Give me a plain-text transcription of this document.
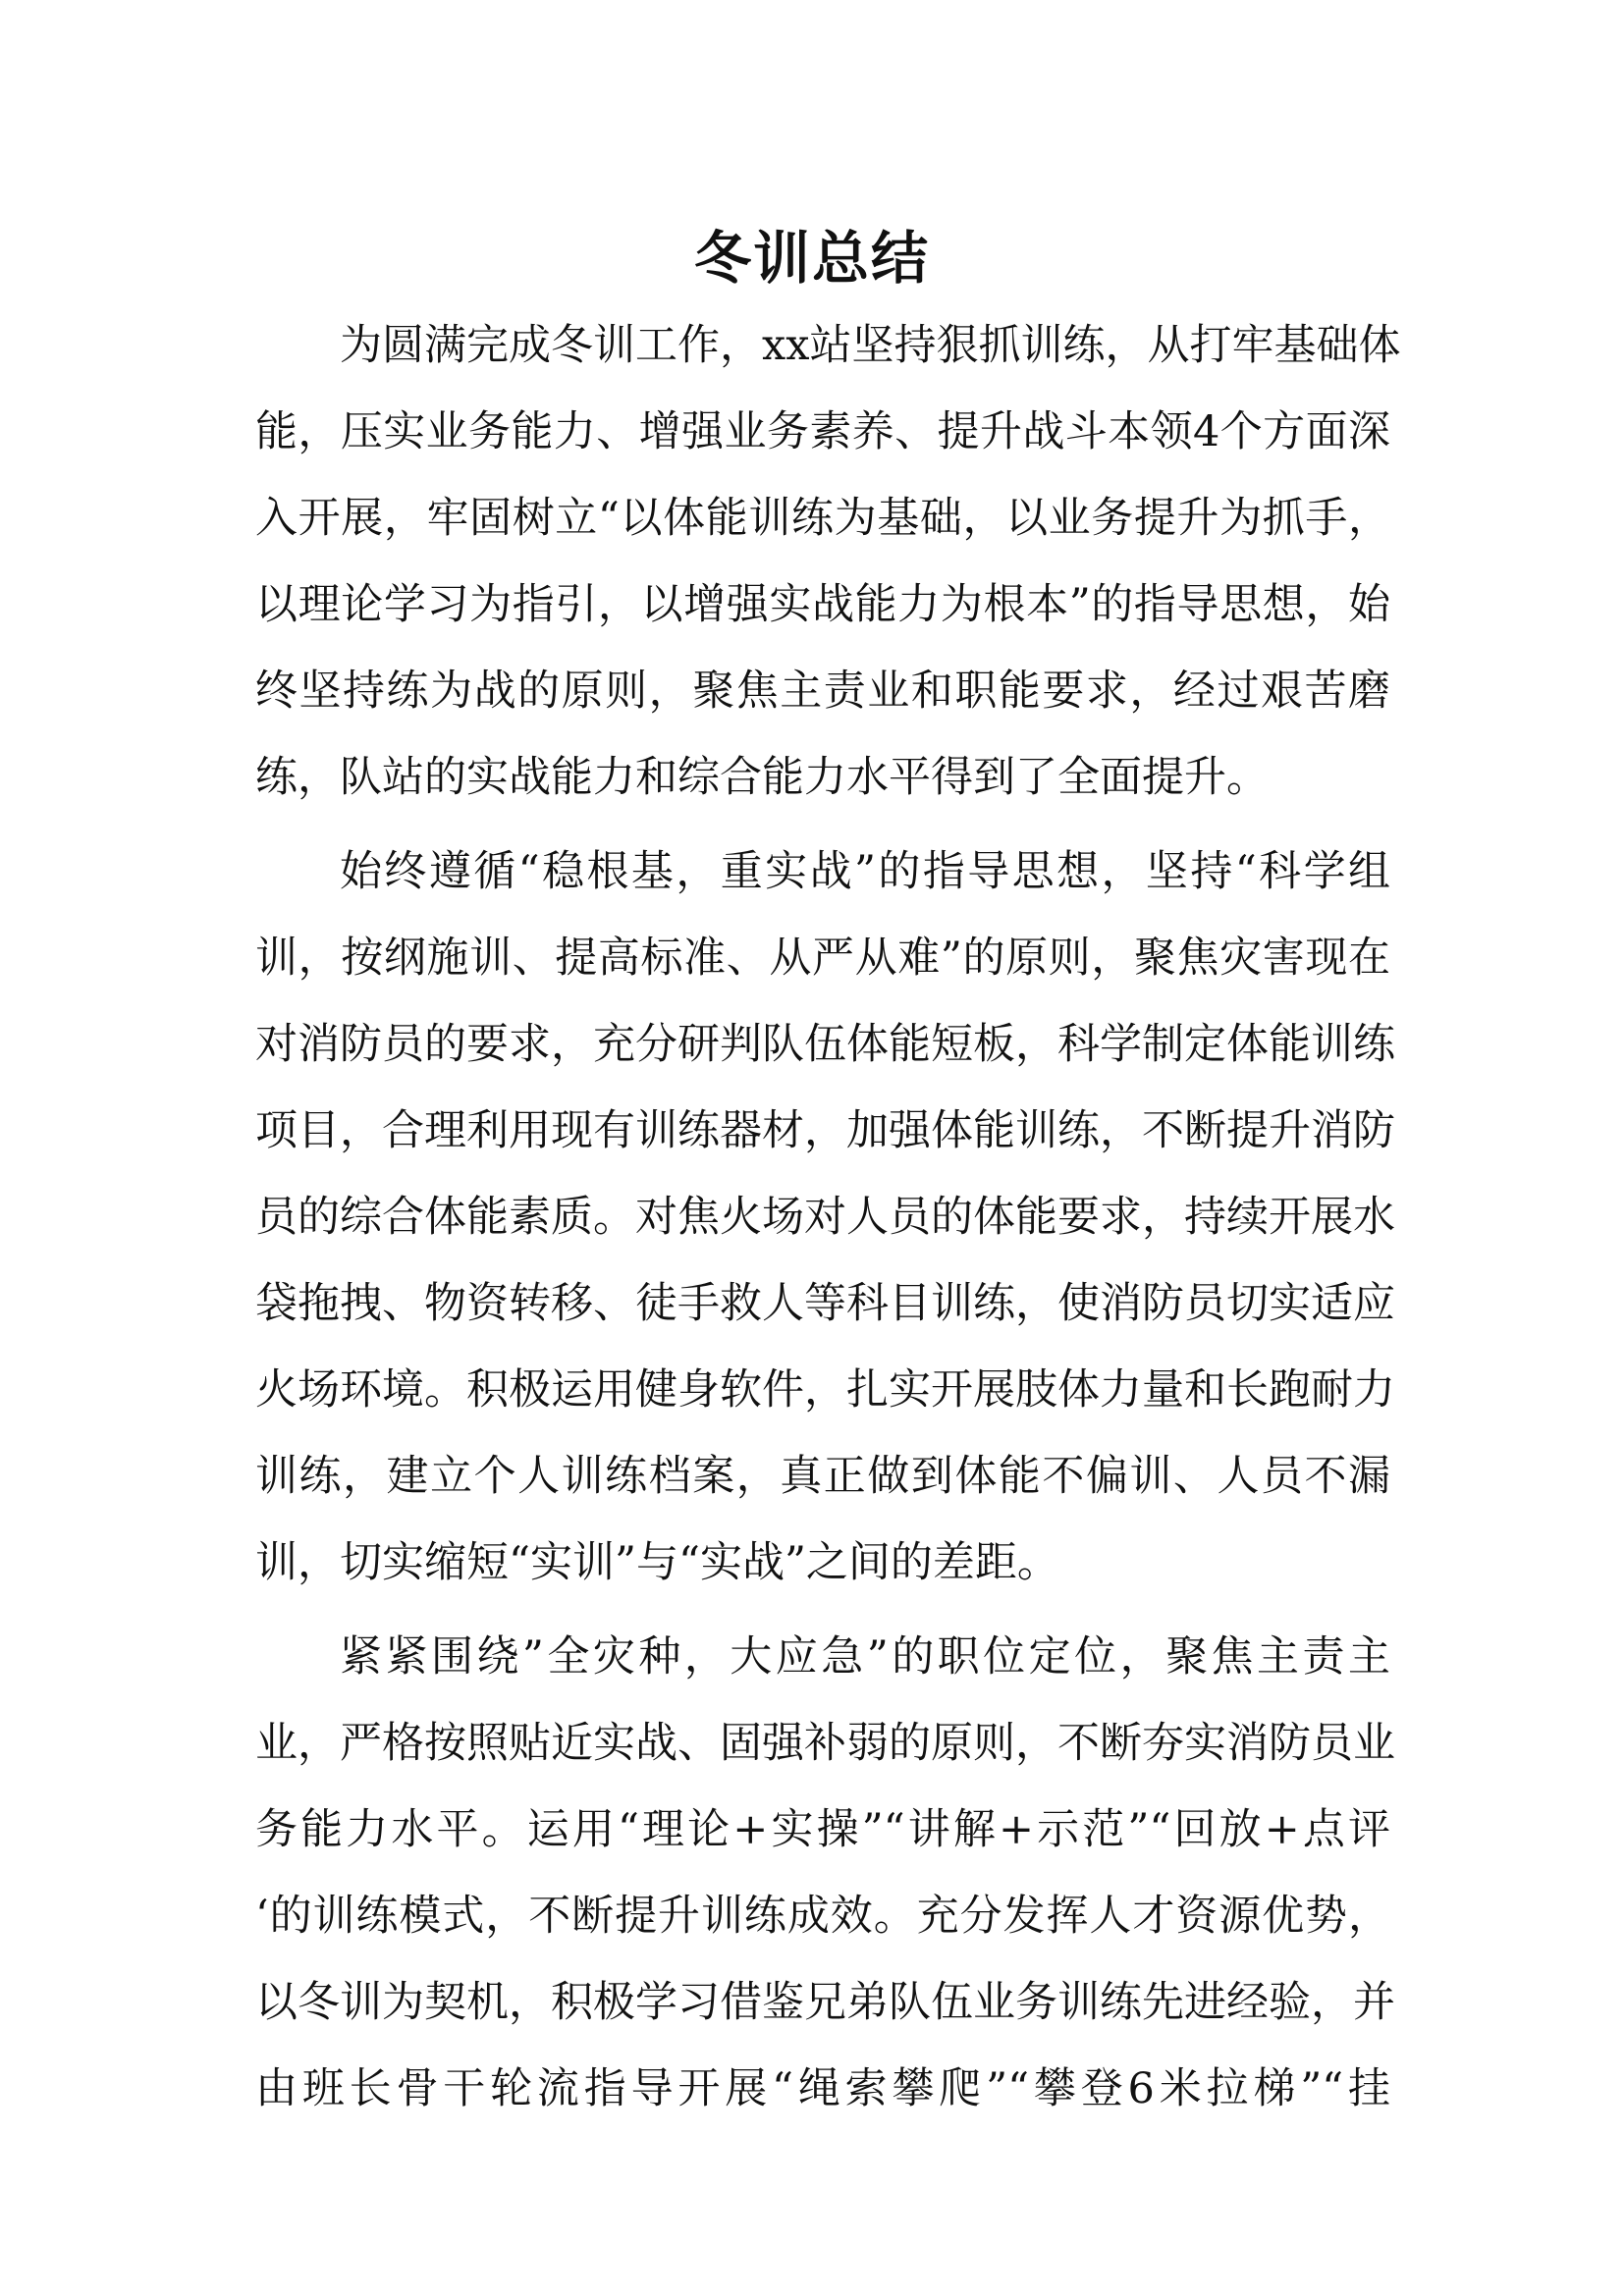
冬训总结
为圆满完成冬训工作，xx站坚持狠抓训练，从打牢基础体
能，压实业务能力、增强业务素养、提升战斗本领4个方面深
入开展，牢固树立“以体能训练为基础，以业务提升为抓手，
以理论学习为指引，以增强实战能力为根本”的指导思想，始
终坚持练为战的原则，聚焦主责业和职能要求，经过艰苦磨
练，队站的实战能力和综合能力水平得到了全面提升。
始终遵循“稳根基，重实战”的指导思想，坚持“科学组
训，按纲施训、提高标准、从严从难”的原则，聚焦灾害现在
对消防员的要求，充分研判队伍体能短板，科学制定体能训练
项目，合理利用现有训练器材，加强体能训练，不断提升消防
员的综合体能素质。对焦火场对人员的体能要求，持续开展水
袋拖拽、物资转移、徒手救人等科目训练，使消防员切实适应
火场环境。积极运用健身软件，扎实开展肢体力量和长跑耐力
训练，建立个人训练档案，真正做到体能不偏训、人员不漏
训，切实缩短“实训”与“实战”之间的差距。
紧紧围绕”全灾种，大应急”的职位定位，聚焦主责主
业，严格按照贴近实战、固强补弱的原则，不断夯实消防员业
务能力水平。运用“理论+实操”“讲解+示范”“回放+点评
‘的训练模式，不断提升训练成效。充分发挥人才资源优势，
以冬训为契机，积极学习借鉴兄弟队伍业务训练先进经验，并
由班长骨干轮流指导开展“绳索攀爬”“攀登6米拉梯”“挂
